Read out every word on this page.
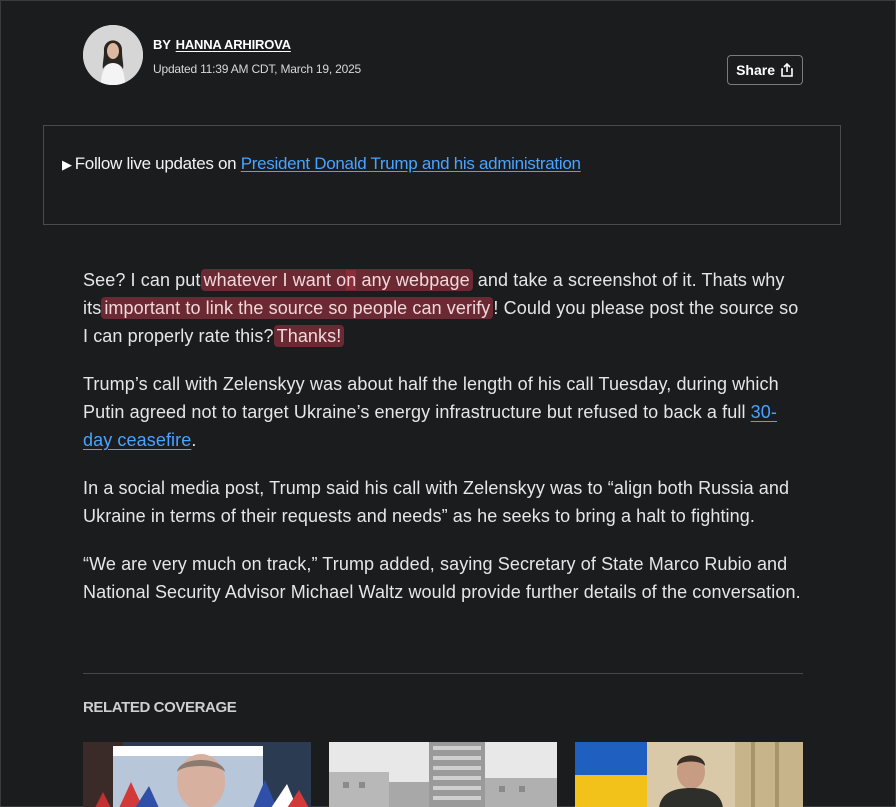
BY HANNA ARHIROVA
Updated 11:39 AM CDT, March 19, 2025	Share
▶ Follow live updates on President Donald Trump and his administration

See? I can put whatever I want on any webpage and take a screenshot of it. Thats why its important to link the source so people can verify ! Could you please post the source so I can properly rate this? Thanks!

Trump’s call with Zelenskyy was about half the length of his call Tuesday, during which Putin agreed not to target Ukraine’s energy infrastructure but refused to back a full 30-day ceasefire.

In a social media post, Trump said his call with Zelenskyy was to “align both Russia and Ukraine in terms of their requests and needs” as he seeks to bring a halt to fighting.

“We are very much on track,” Trump added, saying Secretary of State Marco Rubio and National Security Advisor Michael Waltz would provide further details of the conversation.

RELATED COVERAGE
